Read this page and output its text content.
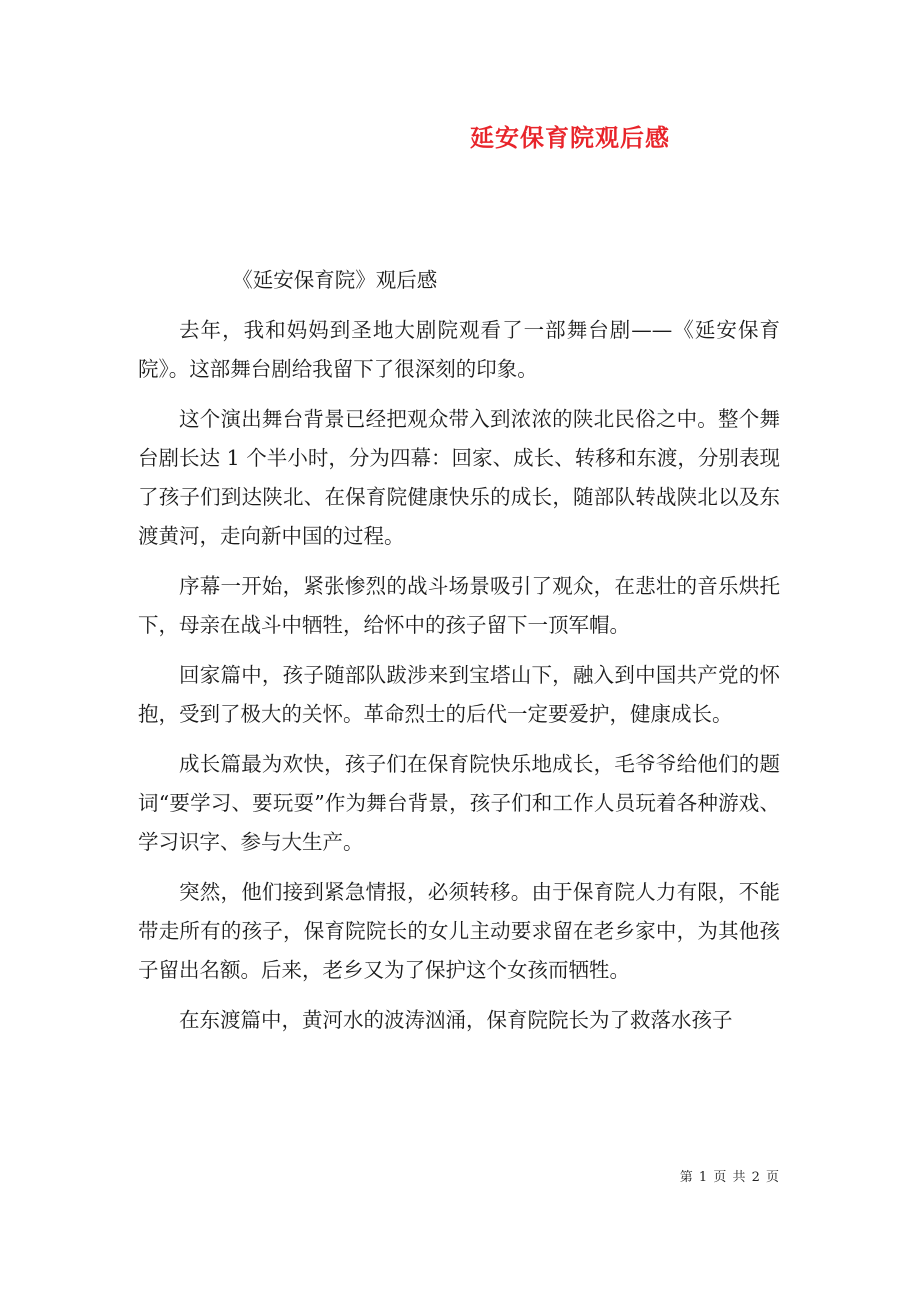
延安保育院观后感

《延安保育院》观后感

去年，我和妈妈到圣地大剧院观看了一部舞台剧——《延安保育院》。这部舞台剧给我留下了很深刻的印象。

这个演出舞台背景已经把观众带入到浓浓的陕北民俗之中。整个舞台剧长达 1 个半小时，分为四幕：回家、成长、转移和东渡，分别表现了孩子们到达陕北、在保育院健康快乐的成长，随部队转战陕北以及东渡黄河，走向新中国的过程。

序幕一开始，紧张惨烈的战斗场景吸引了观众，在悲壮的音乐烘托下，母亲在战斗中牺牲，给怀中的孩子留下一顶军帽。

回家篇中，孩子随部队跋涉来到宝塔山下，融入到中国共产党的怀抱，受到了极大的关怀。革命烈士的后代一定要爱护，健康成长。

成长篇最为欢快，孩子们在保育院快乐地成长，毛爷爷给他们的题词“要学习、要玩耍”作为舞台背景，孩子们和工作人员玩着各种游戏、学习识字、参与大生产。

突然，他们接到紧急情报，必须转移。由于保育院人力有限，不能带走所有的孩子，保育院院长的女儿主动要求留在老乡家中，为其他孩子留出名额。后来，老乡又为了保护这个女孩而牺牲。

在东渡篇中，黄河水的波涛汹涌，保育院院长为了救落水孩子

第 1 页 共 2 页
